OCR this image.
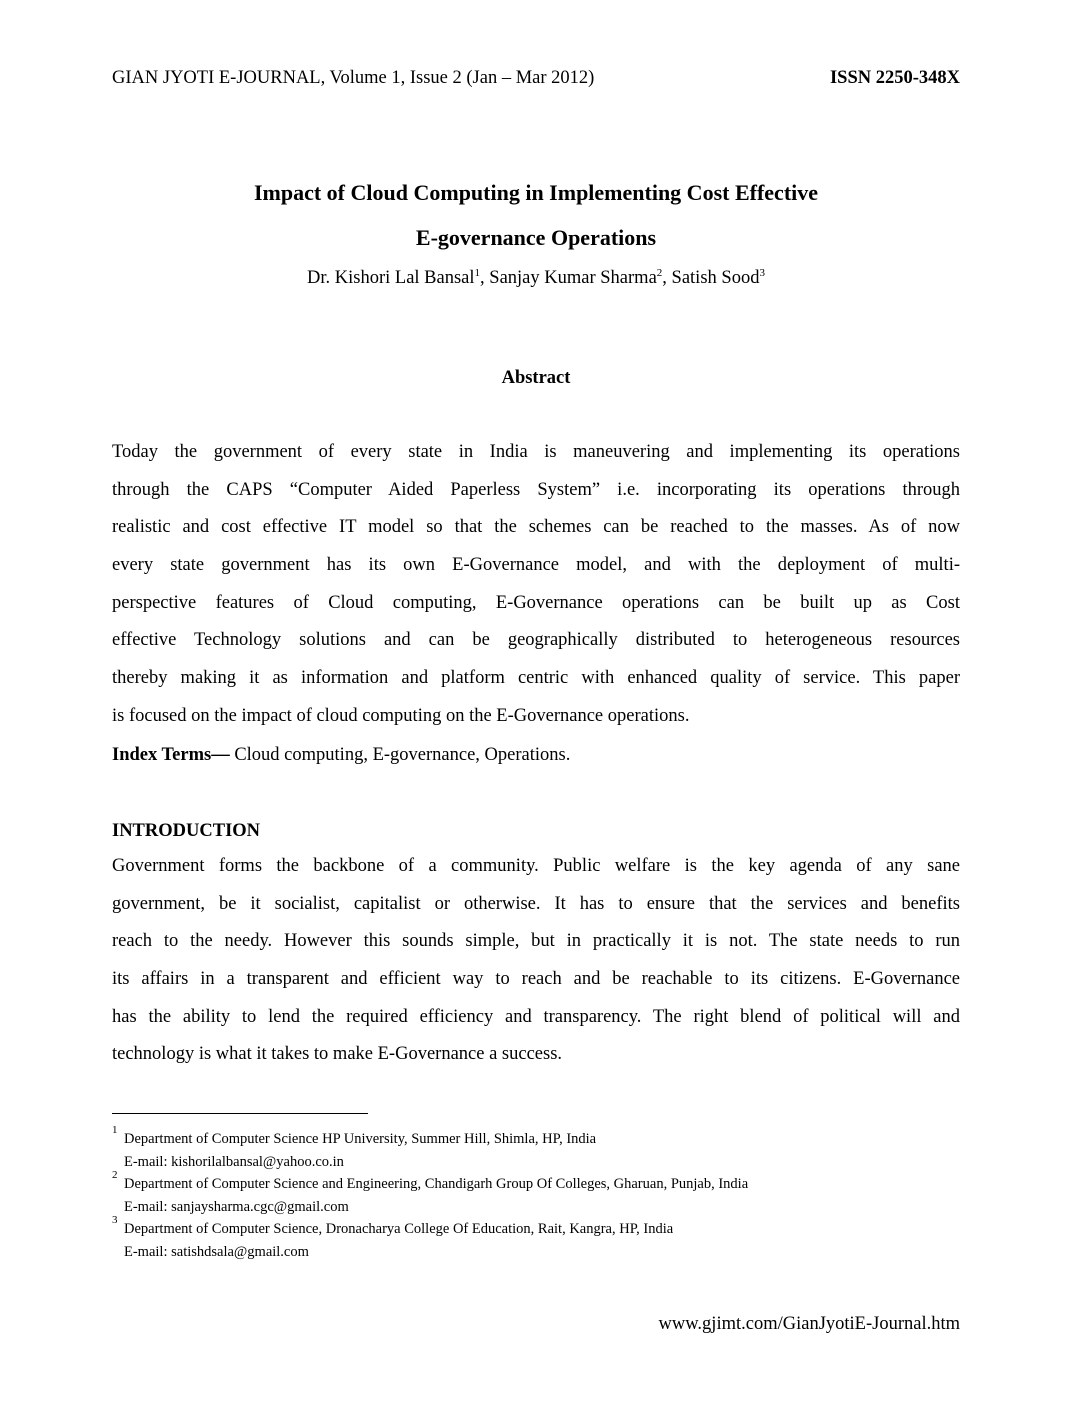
GIAN JYOTI E-JOURNAL, Volume 1, Issue 2 (Jan – Mar 2012)	ISSN 2250-348X
Impact of Cloud Computing in Implementing Cost Effective
E-governance Operations
Dr. Kishori Lal Bansal$^1$, Sanjay Kumar Sharma$^2$, Satish Sood$^3$
Abstract
Today the government of every state in India is maneuvering and implementing its operations
through the CAPS “Computer Aided Paperless System” i.e. incorporating its operations through
realistic and cost effective IT model so that the schemes can be reached to the masses. As of now
every state government has its own E-Governance model, and with the deployment of multi-
perspective features of Cloud computing, E-Governance operations can be built up as Cost
effective Technology solutions and can be geographically distributed to heterogeneous resources
thereby making it as information and platform centric with enhanced quality of service. This paper
is focused on the impact of cloud computing on the E-Governance operations.
Index Terms— Cloud computing, E-governance, Operations.
INTRODUCTION
Government forms the backbone of a community. Public welfare is the key agenda of any sane
government, be it socialist, capitalist or otherwise. It has to ensure that the services and benefits
reach to the needy. However this sounds simple, but in practically it is not. The state needs to run
its affairs in a transparent and efficient way to reach and be reachable to its citizens. E-Governance
has the ability to lend the required efficiency and transparency. The right blend of political will and
technology is what it takes to make E-Governance a success.
1
Department of Computer Science HP University, Summer Hill, Shimla, HP, India
E-mail: kishorilalbansal@yahoo.co.in
2
Department of Computer Science and Engineering, Chandigarh Group Of Colleges, Gharuan, Punjab, India
E-mail: sanjaysharma.cgc@gmail.com
3
Department of Computer Science, Dronacharya College Of Education, Rait, Kangra, HP, India
E-mail: satishdsala@gmail.com
www.gjimt.com/GianJyotiE-Journal.htm
